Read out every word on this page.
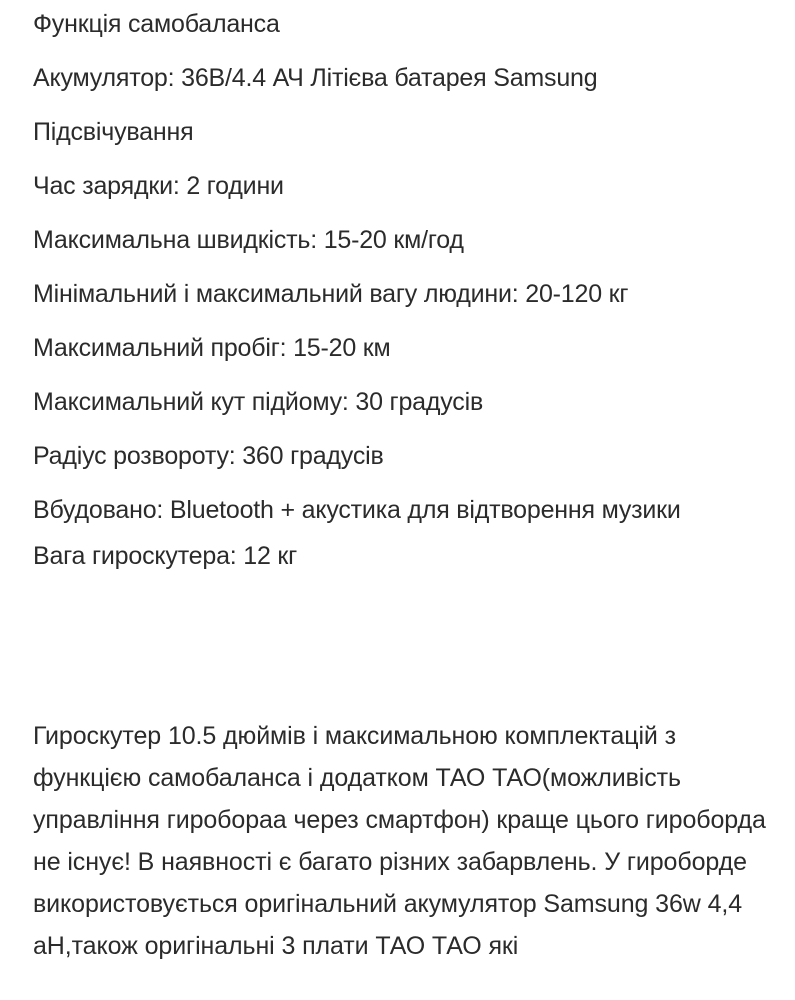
Функція самобаланса
Акумулятор: 36В/4.4 АЧ Літієва батарея Samsung
Підсвічування
Час зарядки: 2 години
Максимальна швидкість: 15-20 км/год
Мінімальний і максимальний вагу людини: 20-120 кг
Максимальний пробіг: 15-20 км
Максимальний кут підйому: 30 градусів
Радіус розвороту: 360 градусів
Вбудовано: Bluetooth + акустика для відтворення музики
Вага гироскутера: 12 кг

Гироскутер 10.5 дюймів і максимальною комплектацій з функцією самобаланса і додатком ТАО ТАО(можливість управління гиробораа через смартфон) краще цього гироборда не існує! В наявності є багато різних забарвлень. У гироборде використовується оригінальний акумулятор Samsung 36w 4,4 аН,також оригінальні 3 плати ТАО ТАО які
